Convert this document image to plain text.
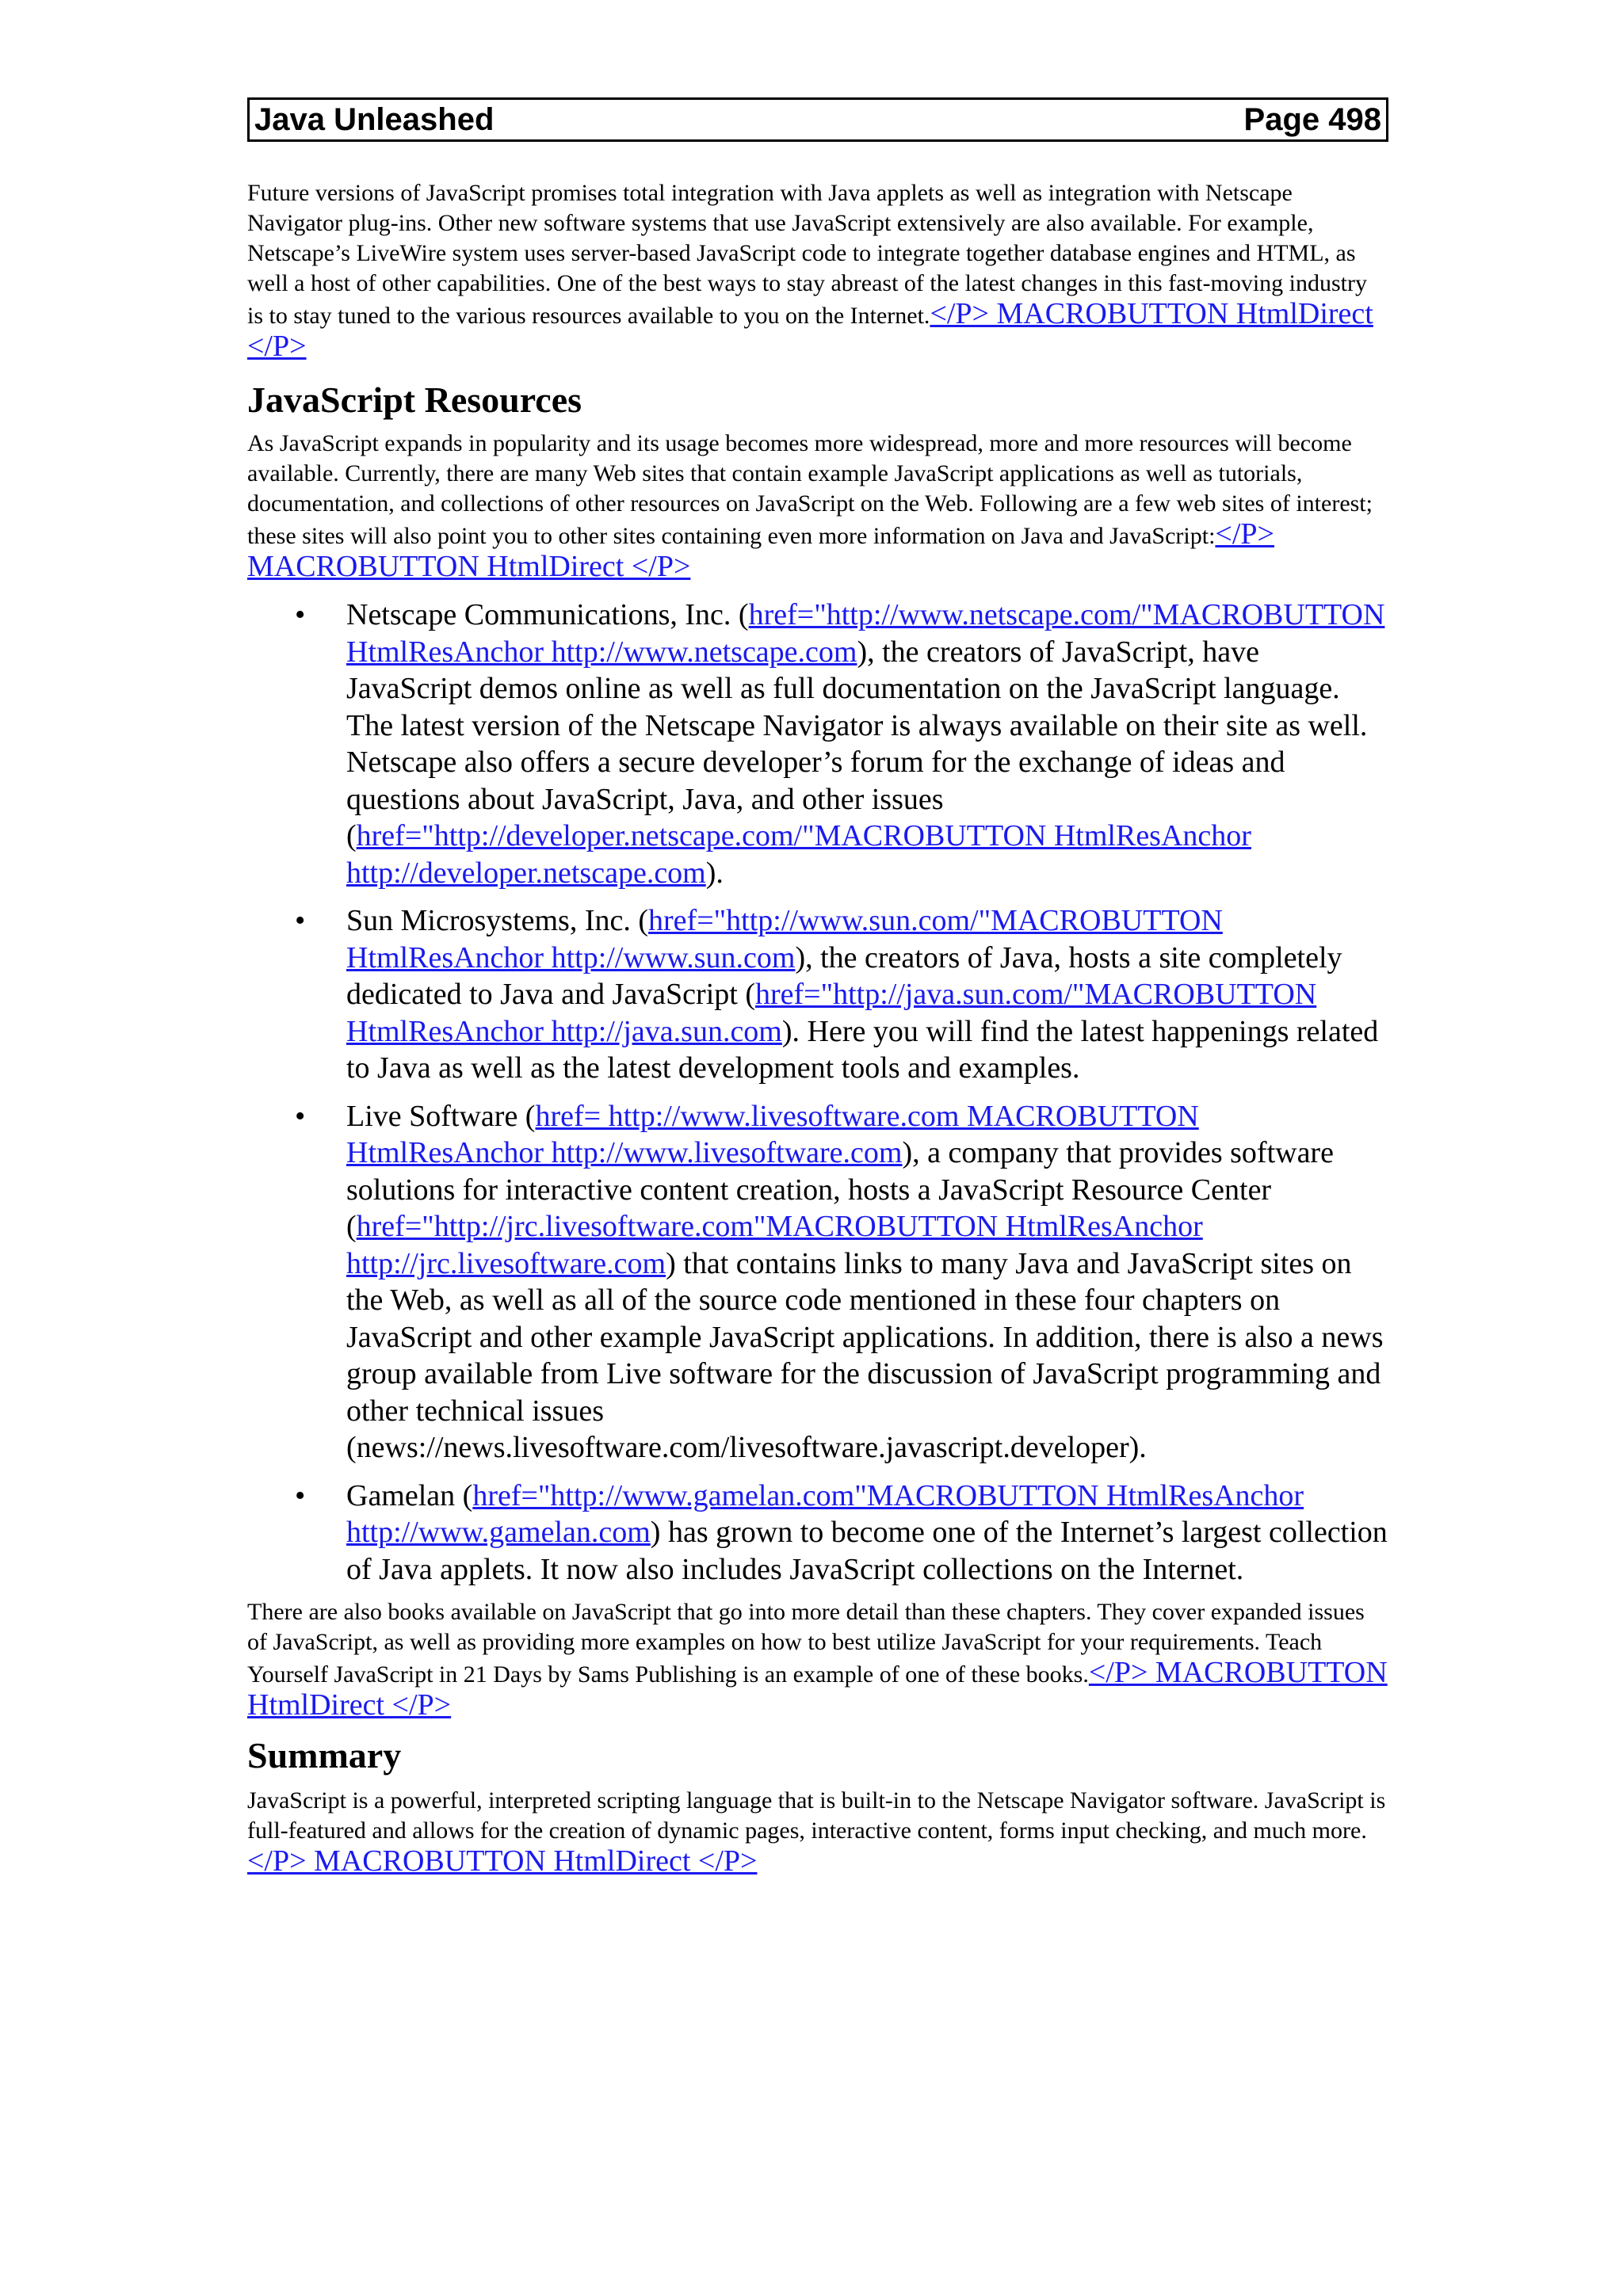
Java Unleashed	Page 498

Future versions of JavaScript promises total integration with Java applets as well as integration with Netscape Navigator plug-ins. Other new software systems that use JavaScript extensively are also available. For example, Netscape’s LiveWire system uses server-based JavaScript code to integrate together database engines and HTML, as well a host of other capabilities. One of the best ways to stay abreast of the latest changes in this fast-moving industry is to stay tuned to the various resources available to you on the Internet.</P> MACROBUTTON HtmlDirect </P>

JavaScript Resources

As JavaScript expands in popularity and its usage becomes more widespread, more and more resources will become available. Currently, there are many Web sites that contain example JavaScript applications as well as tutorials, documentation, and collections of other resources on JavaScript on the Web. Following are a few web sites of interest; these sites will also point you to other sites containing even more information on Java and JavaScript:</P> MACROBUTTON HtmlDirect </P>

• Netscape Communications, Inc. (href="http://www.netscape.com/"MACROBUTTON HtmlResAnchor http://www.netscape.com), the creators of JavaScript, have JavaScript demos online as well as full documentation on the JavaScript language. The latest version of the Netscape Navigator is always available on their site as well. Netscape also offers a secure developer’s forum for the exchange of ideas and questions about JavaScript, Java, and other issues (href="http://developer.netscape.com/"MACROBUTTON HtmlResAnchor http://developer.netscape.com).
• Sun Microsystems, Inc. (href="http://www.sun.com/"MACROBUTTON HtmlResAnchor http://www.sun.com), the creators of Java, hosts a site completely dedicated to Java and JavaScript (href="http://java.sun.com/"MACROBUTTON HtmlResAnchor http://java.sun.com). Here you will find the latest happenings related to Java as well as the latest development tools and examples.
• Live Software (href= http://www.livesoftware.com MACROBUTTON HtmlResAnchor http://www.livesoftware.com), a company that provides software solutions for interactive content creation, hosts a JavaScript Resource Center (href="http://jrc.livesoftware.com"MACROBUTTON HtmlResAnchor http://jrc.livesoftware.com) that contains links to many Java and JavaScript sites on the Web, as well as all of the source code mentioned in these four chapters on JavaScript and other example JavaScript applications. In addition, there is also a news group available from Live software for the discussion of JavaScript programming and other technical issues (news://news.livesoftware.com/livesoftware.javascript.developer).
• Gamelan (href="http://www.gamelan.com"MACROBUTTON HtmlResAnchor http://www.gamelan.com) has grown to become one of the Internet’s largest collection of Java applets. It now also includes JavaScript collections on the Internet.

There are also books available on JavaScript that go into more detail than these chapters. They cover expanded issues of JavaScript, as well as providing more examples on how to best utilize JavaScript for your requirements. Teach Yourself JavaScript in 21 Days by Sams Publishing is an example of one of these books.</P> MACROBUTTON HtmlDirect </P>

Summary

JavaScript is a powerful, interpreted scripting language that is built-in to the Netscape Navigator software. JavaScript is full-featured and allows for the creation of dynamic pages, interactive content, forms input checking, and much more.</P> MACROBUTTON HtmlDirect </P>
